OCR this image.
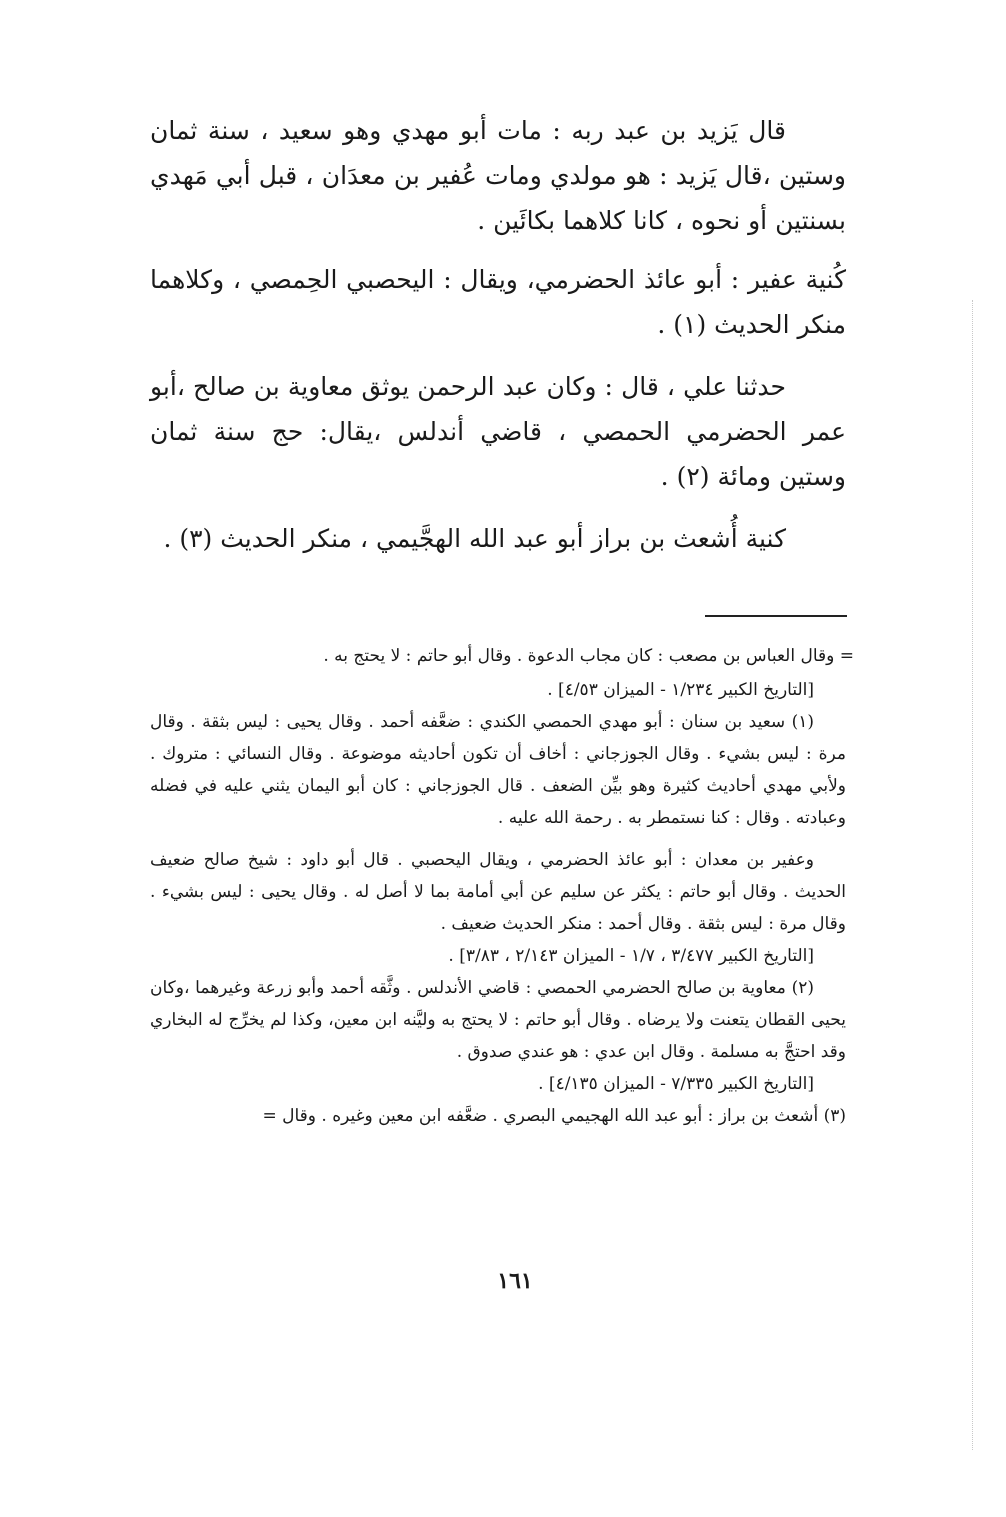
قال يَزيد بن عبد ربه : مات أبو مهدي وهو سعيد ، سنة ثمان وستين ،قال يَزيد : هو مولدي ومات عُفير بن معدَان ، قبل أبي مَهدي بسنتين أو نحوه ، كانا كلاهما بكائَين .

كُنية عفير : أبو عائذ الحضرمي، ويقال : اليحصبي الحِمصي ، وكلاهما منكر الحديث (١) .

حدثنا علي ، قال : وكان عبد الرحمن يوثق معاوية بن صالح ،أبو عمر الحضرمي الحمصي ، قاضي أندلس ،يقال: حج سنة ثمان وستين ومائة (٢) .

كنية أُشعث بن براز أبو عبد الله الهجَّيمي ، منكر الحديث (٣) .

= وقال العباس بن مصعب : كان مجاب الدعوة . وقال أبو حاتم : لا يحتج به .

[التاريخ الكبير ١/٢٣٤ - الميزان ٤/٥٣] .

(١) سعيد بن سنان : أبو مهدي الحمصي الكندي : ضعَّفه أحمد . وقال يحيى : ليس بثقة . وقال مرة : ليس بشيء . وقال الجوزجاني : أخاف أن تكون أحاديثه موضوعة . وقال النسائي : متروك . ولأبي مهدي أحاديث كثيرة وهو بيِّن الضعف . قال الجوزجاني : كان أبو اليمان يثني عليه في فضله وعبادته . وقال : كنا نستمطر به . رحمة الله عليه .

وعفير بن معدان : أبو عائذ الحضرمي ، ويقال اليحصبي . قال أبو داود : شيخ صالح ضعيف الحديث . وقال أبو حاتم : يكثر عن سليم عن أبي أمامة بما لا أصل له . وقال يحيى : ليس بشيء . وقال مرة : ليس بثقة . وقال أحمد : منكر الحديث ضعيف .

[التاريخ الكبير ٣/٤٧٧ ، ١/٧ - الميزان ٢/١٤٣ ، ٣/٨٣] .

(٢) معاوية بن صالح الحضرمي الحمصي : قاضي الأندلس . وثَّقه أحمد وأبو زرعة وغيرهما ،وكان يحيى القطان يتعنت ولا يرضاه . وقال أبو حاتم : لا يحتج به وليَّنه ابن معين، وكذا لم يخرِّج له البخاري وقد احتجَّ به مسلمة . وقال ابن عدي : هو عندي صدوق .

[التاريخ الكبير ٧/٣٣٥ - الميزان ٤/١٣٥] .

(٣) أشعث بن براز : أبو عبد الله الهجيمي البصري . ضعَّفه ابن معين وغيره . وقال =

١٦١
